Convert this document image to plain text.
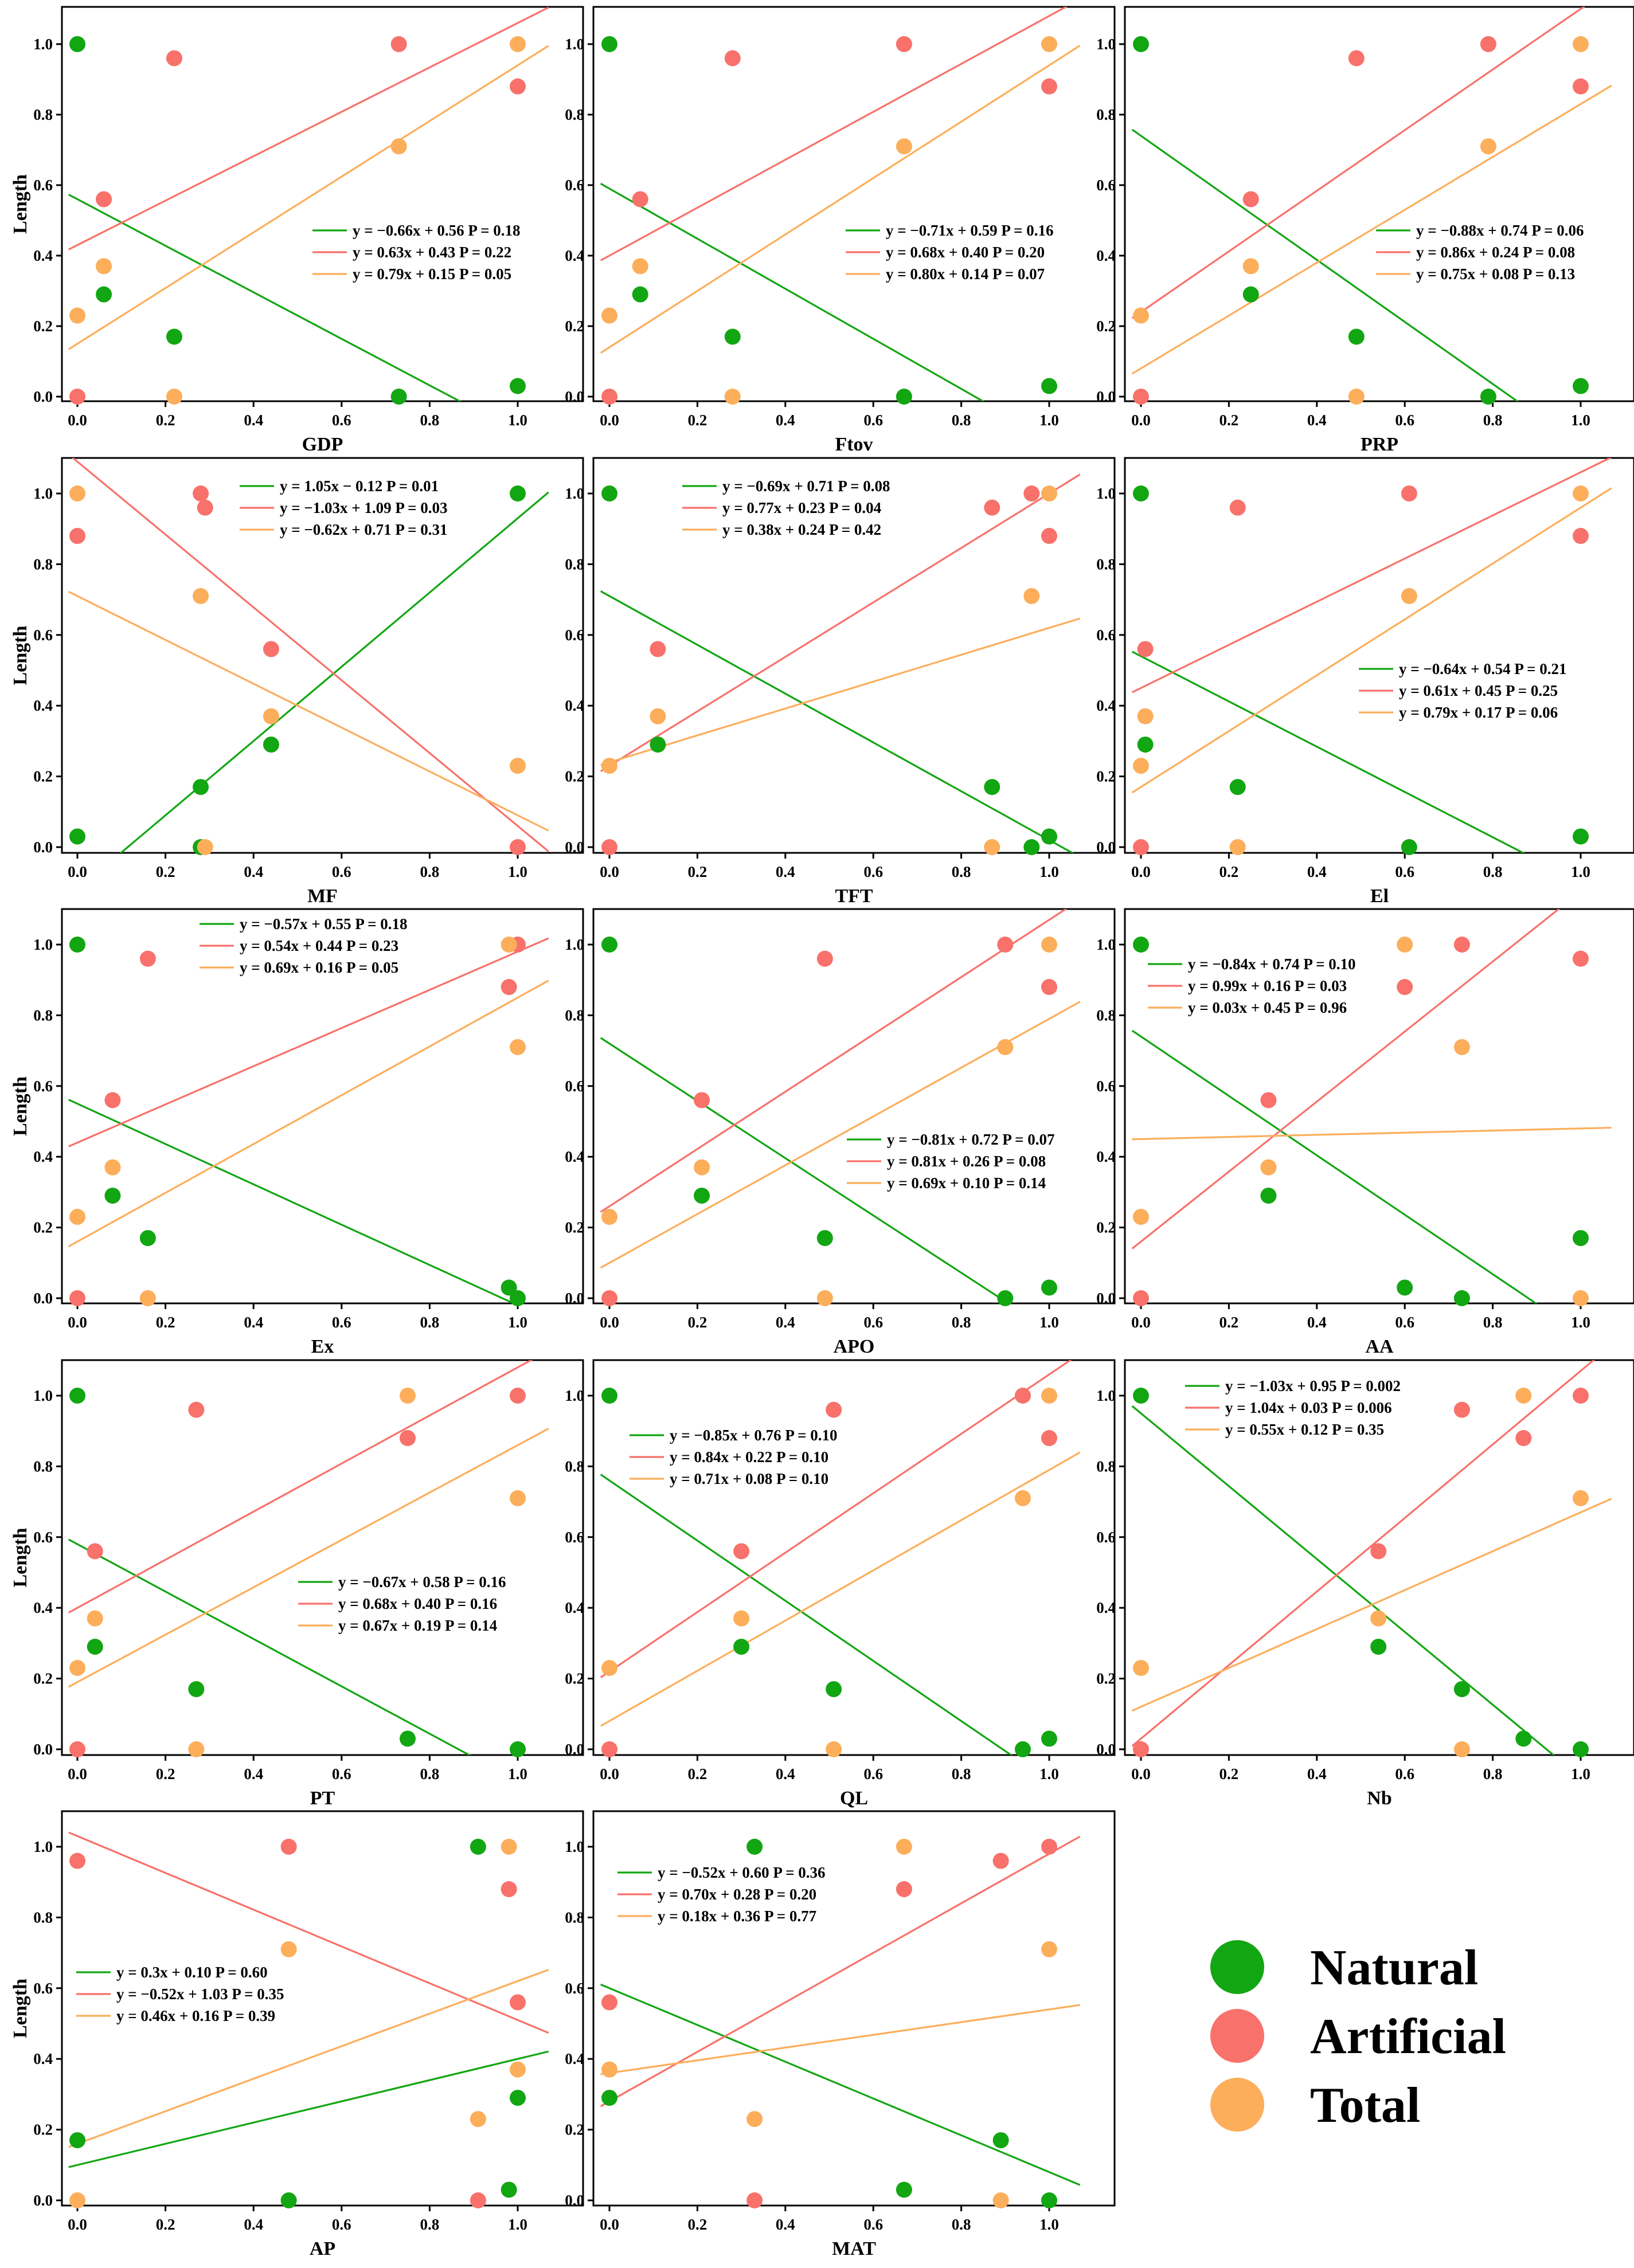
0.0	0.2	0.4	0.6	0.8	1.0
0.0
0.2
0.4
0.6
0.8
1.0
GDP
Length	y = −0.66x + 0.56 P = 0.18
y = 0.63x + 0.43 P = 0.22
y = 0.79x + 0.15 P = 0.05
0.0	0.2	0.4	0.6	0.8	1.0
0.0
0.2
0.4
0.6
0.8
1.0
Ftov
y = −0.71x + 0.59 P = 0.16
y = 0.68x + 0.40 P = 0.20
y = 0.80x + 0.14 P = 0.07
0.0	0.2	0.4	0.6	0.8	1.0
0.0
0.2
0.4
0.6
0.8
1.0
PRP
y = −0.88x + 0.74 P = 0.06
y = 0.86x + 0.24 P = 0.08
y = 0.75x + 0.08 P = 0.13
0.0	0.2	0.4	0.6	0.8	1.0
0.0
0.2
0.4
0.6
0.8
1.0
MF
Length
y = 1.05x − 0.12 P = 0.01
y = −1.03x + 1.09 P = 0.03
y = −0.62x + 0.71 P = 0.31
0.0	0.2	0.4	0.6	0.8	1.0
0.0
0.2
0.4
0.6
0.8
1.0
TFT
y = −0.69x + 0.71 P = 0.08
y = 0.77x + 0.23 P = 0.04
y = 0.38x + 0.24 P = 0.42
0.0	0.2	0.4	0.6	0.8	1.0
0.0
0.2
0.4
0.6
0.8
1.0
El
y = −0.64x + 0.54 P = 0.21
y = 0.61x + 0.45 P = 0.25
y = 0.79x + 0.17 P = 0.06
0.0	0.2	0.4	0.6	0.8	1.0
0.0
0.2
0.4
0.6
0.8
1.0
Ex
Length
y = −0.57x + 0.55 P = 0.18
y = 0.54x + 0.44 P = 0.23
y = 0.69x + 0.16 P = 0.05
0.0	0.2	0.4	0.6	0.8	1.0
0.0
0.2
0.4
0.6
0.8
1.0
APO
y = −0.81x + 0.72 P = 0.07
y = 0.81x + 0.26 P = 0.08
y = 0.69x + 0.10 P = 0.14
0.0	0.2	0.4	0.6	0.8	1.0
0.0
0.2
0.4
0.6
0.8
1.0
AA
y = −0.84x + 0.74 P = 0.10
y = 0.99x + 0.16 P = 0.03
y = 0.03x + 0.45 P = 0.96
0.0	0.2	0.4	0.6	0.8	1.0
0.0
0.2
0.4
0.6
0.8
1.0
PT
Length	y = −0.67x + 0.58 P = 0.16
y = 0.68x + 0.40 P = 0.16
y = 0.67x + 0.19 P = 0.14
0.0	0.2	0.4	0.6	0.8	1.0
0.0
0.2
0.4
0.6
0.8
1.0
QL
y = −0.85x + 0.76 P = 0.10
y = 0.84x + 0.22 P = 0.10
y = 0.71x + 0.08 P = 0.10
0.0	0.2	0.4	0.6	0.8	1.0
0.0
0.2
0.4
0.6
0.8
1.0
Nb
y = −1.03x + 0.95 P = 0.002
y = 1.04x + 0.03 P = 0.006
y = 0.55x + 0.12 P = 0.35
0.0	0.2	0.4	0.6	0.8	1.0
0.0
0.2
0.4
0.6
0.8
1.0
AP
Length
y = 0.3x + 0.10 P = 0.60
y = −0.52x + 1.03 P = 0.35
y = 0.46x + 0.16 P = 0.39
0.0	0.2	0.4	0.6	0.8	1.0
0.0
0.2
0.4
0.6
0.8
1.0
MAT
y = −0.52x + 0.60 P = 0.36
y = 0.70x + 0.28 P = 0.20
y = 0.18x + 0.36 P = 0.77
Natural
Artificial
Total
